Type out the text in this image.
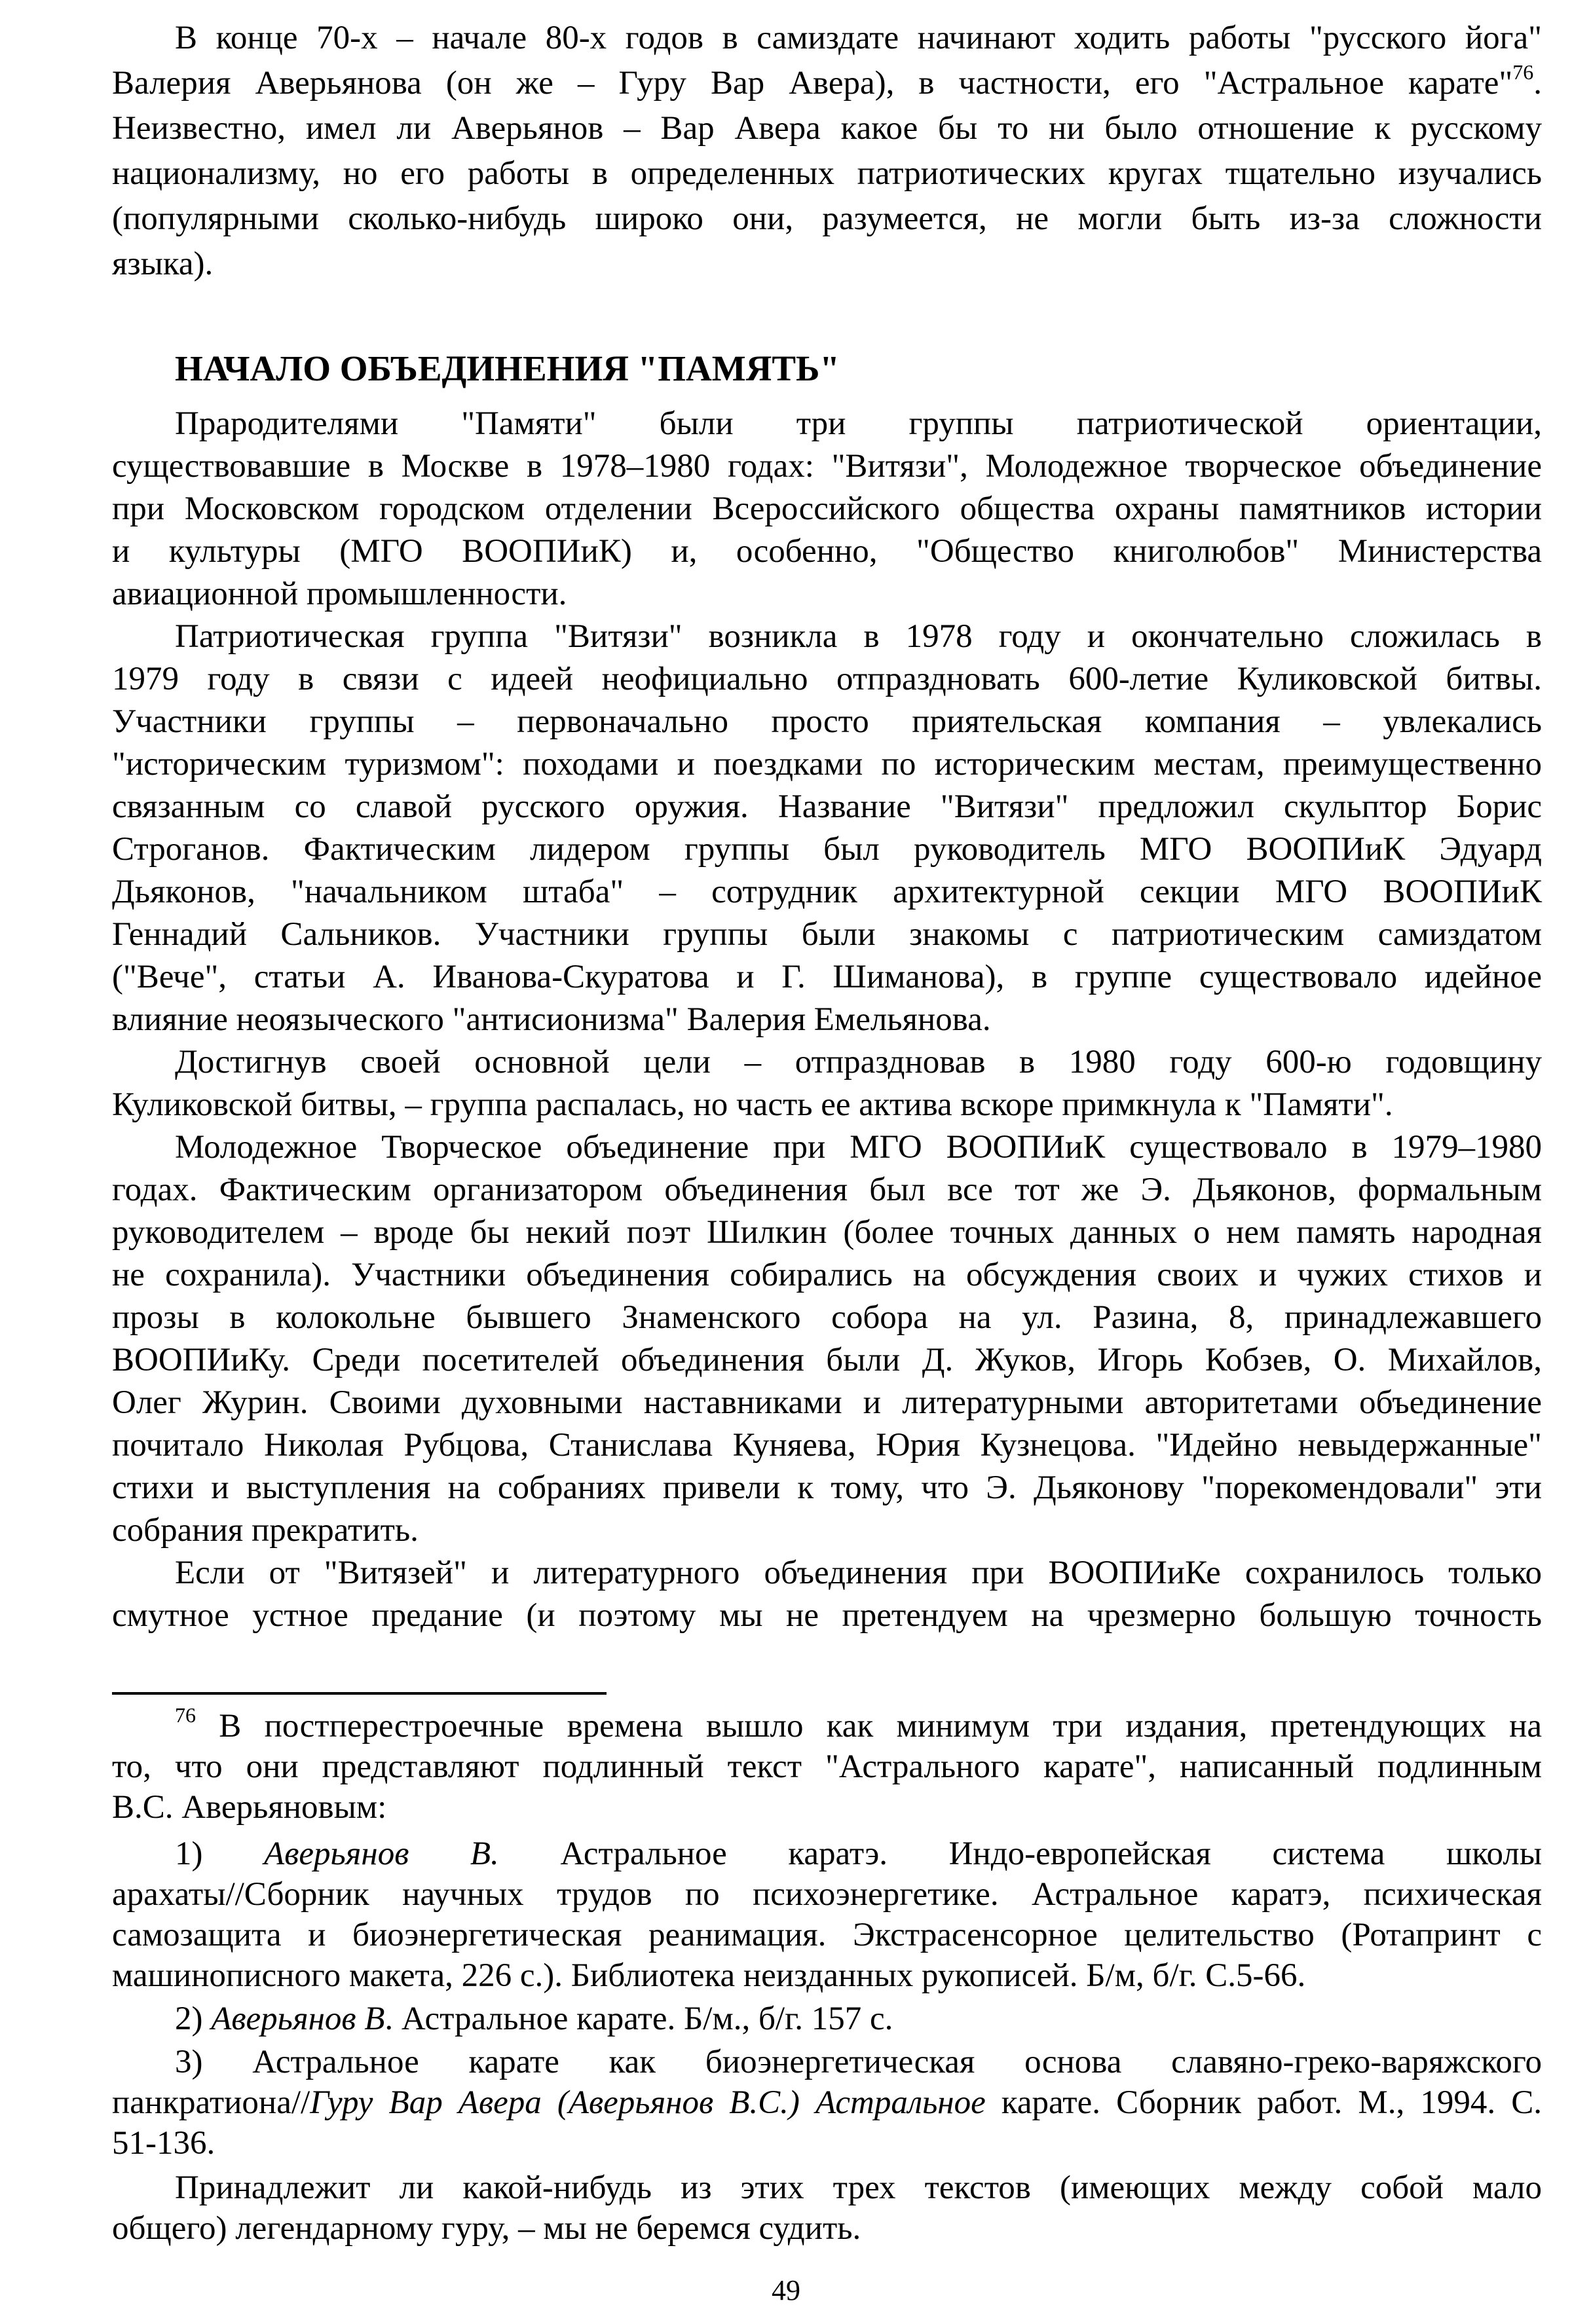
В конце 70-х – начале 80-х годов в самиздате начинают ходить работы "русского йога"
Валерия Аверьянова (он же – Гуру Вар Авера), в частности, его "Астральное карате"$^{76}$.
Неизвестно, имел ли Аверьянов – Вар Авера какое бы то ни было отношение к русскому
национализму, но его работы в определенных патриотических кругах тщательно изучались
(популярными сколько-нибудь широко они, разумеется, не могли быть из-за сложности
языка).
НАЧАЛО ОБЪЕДИНЕНИЯ "ПАМЯТЬ"
Прародителями "Памяти" были три группы патриотической ориентации,
существовавшие в Москве в 1978–1980 годах: "Витязи", Молодежное творческое объединение
при Московском городском отделении Всероссийского общества охраны памятников истории
и культуры (МГО ВООПИиК) и, особенно, "Общество книголюбов" Министерства
авиационной промышленности.
Патриотическая группа "Витязи" возникла в 1978 году и окончательно сложилась в
1979 году в связи с идеей неофициально отпраздновать 600-летие Куликовской битвы.
Участники группы – первоначально просто приятельская компания – увлекались
"историческим туризмом": походами и поездками по историческим местам, преимущественно
связанным со славой русского оружия. Название "Витязи" предложил скульптор Борис
Строганов. Фактическим лидером группы был руководитель МГО ВООПИиК Эдуард
Дьяконов, "начальником штаба" – сотрудник архитектурной секции МГО ВООПИиК
Геннадий Сальников. Участники группы были знакомы с патриотическим самиздатом
("Вече", статьи А. Иванова-Скуратова и Г. Шиманова), в группе существовало идейное
влияние неоязыческого "антисионизма" Валерия Емельянова.
Достигнув своей основной цели – отпраздновав в 1980 году 600-ю годовщину
Куликовской битвы, – группа распалась, но часть ее актива вскоре примкнула к "Памяти".
Молодежное Творческое объединение при МГО ВООПИиК существовало в 1979–1980
годах. Фактическим организатором объединения был все тот же Э. Дьяконов, формальным
руководителем – вроде бы некий поэт Шилкин (более точных данных о нем память народная
не сохранила). Участники объединения собирались на обсуждения своих и чужих стихов и
прозы в колокольне бывшего Знаменского собора на ул. Разина, 8, принадлежавшего
ВООПИиКу. Среди посетителей объединения были Д. Жуков, Игорь Кобзев, О. Михайлов,
Олег Журин. Своими духовными наставниками и литературными авторитетами объединение
почитало Николая Рубцова, Станислава Куняева, Юрия Кузнецова. "Идейно невыдержанные"
стихи и выступления на собраниях привели к тому, что Э. Дьяконову "порекомендовали" эти
собрания прекратить.
Если от "Витязей" и литературного объединения при ВООПИиКе сохранилось только
смутное устное предание (и поэтому мы не претендуем на чрезмерно большую точность
$^{76}$ В постперестроечные времена вышло как минимум три издания, претендующих на
то, что они представляют подлинный текст "Астрального карате", написанный подлинным
В.С. Аверьяновым:
1) Аверьянов В. Астральное каратэ. Индо-европейская система школы
арахаты//Сборник научных трудов по психоэнергетике. Астральное каратэ, психическая
самозащита и биоэнергетическая реанимация. Экстрасенсорное целительство (Ротапринт с
машинописного макета, 226 с.). Библиотека неизданных рукописей. Б/м, б/г. С.5-66.
2) Аверьянов В. Астральное карате. Б/м., б/г. 157 с.
3) Астральное карате как биоэнергетическая основа славяно-греко-варяжского
панкратиона//Гуру Вар Авера (Аверьянов В.С.) Астральное карате. Сборник работ. М., 1994. С.
51-136.
Принадлежит ли какой-нибудь из этих трех текстов (имеющих между собой мало
общего) легендарному гуру, – мы не беремся судить.
49
